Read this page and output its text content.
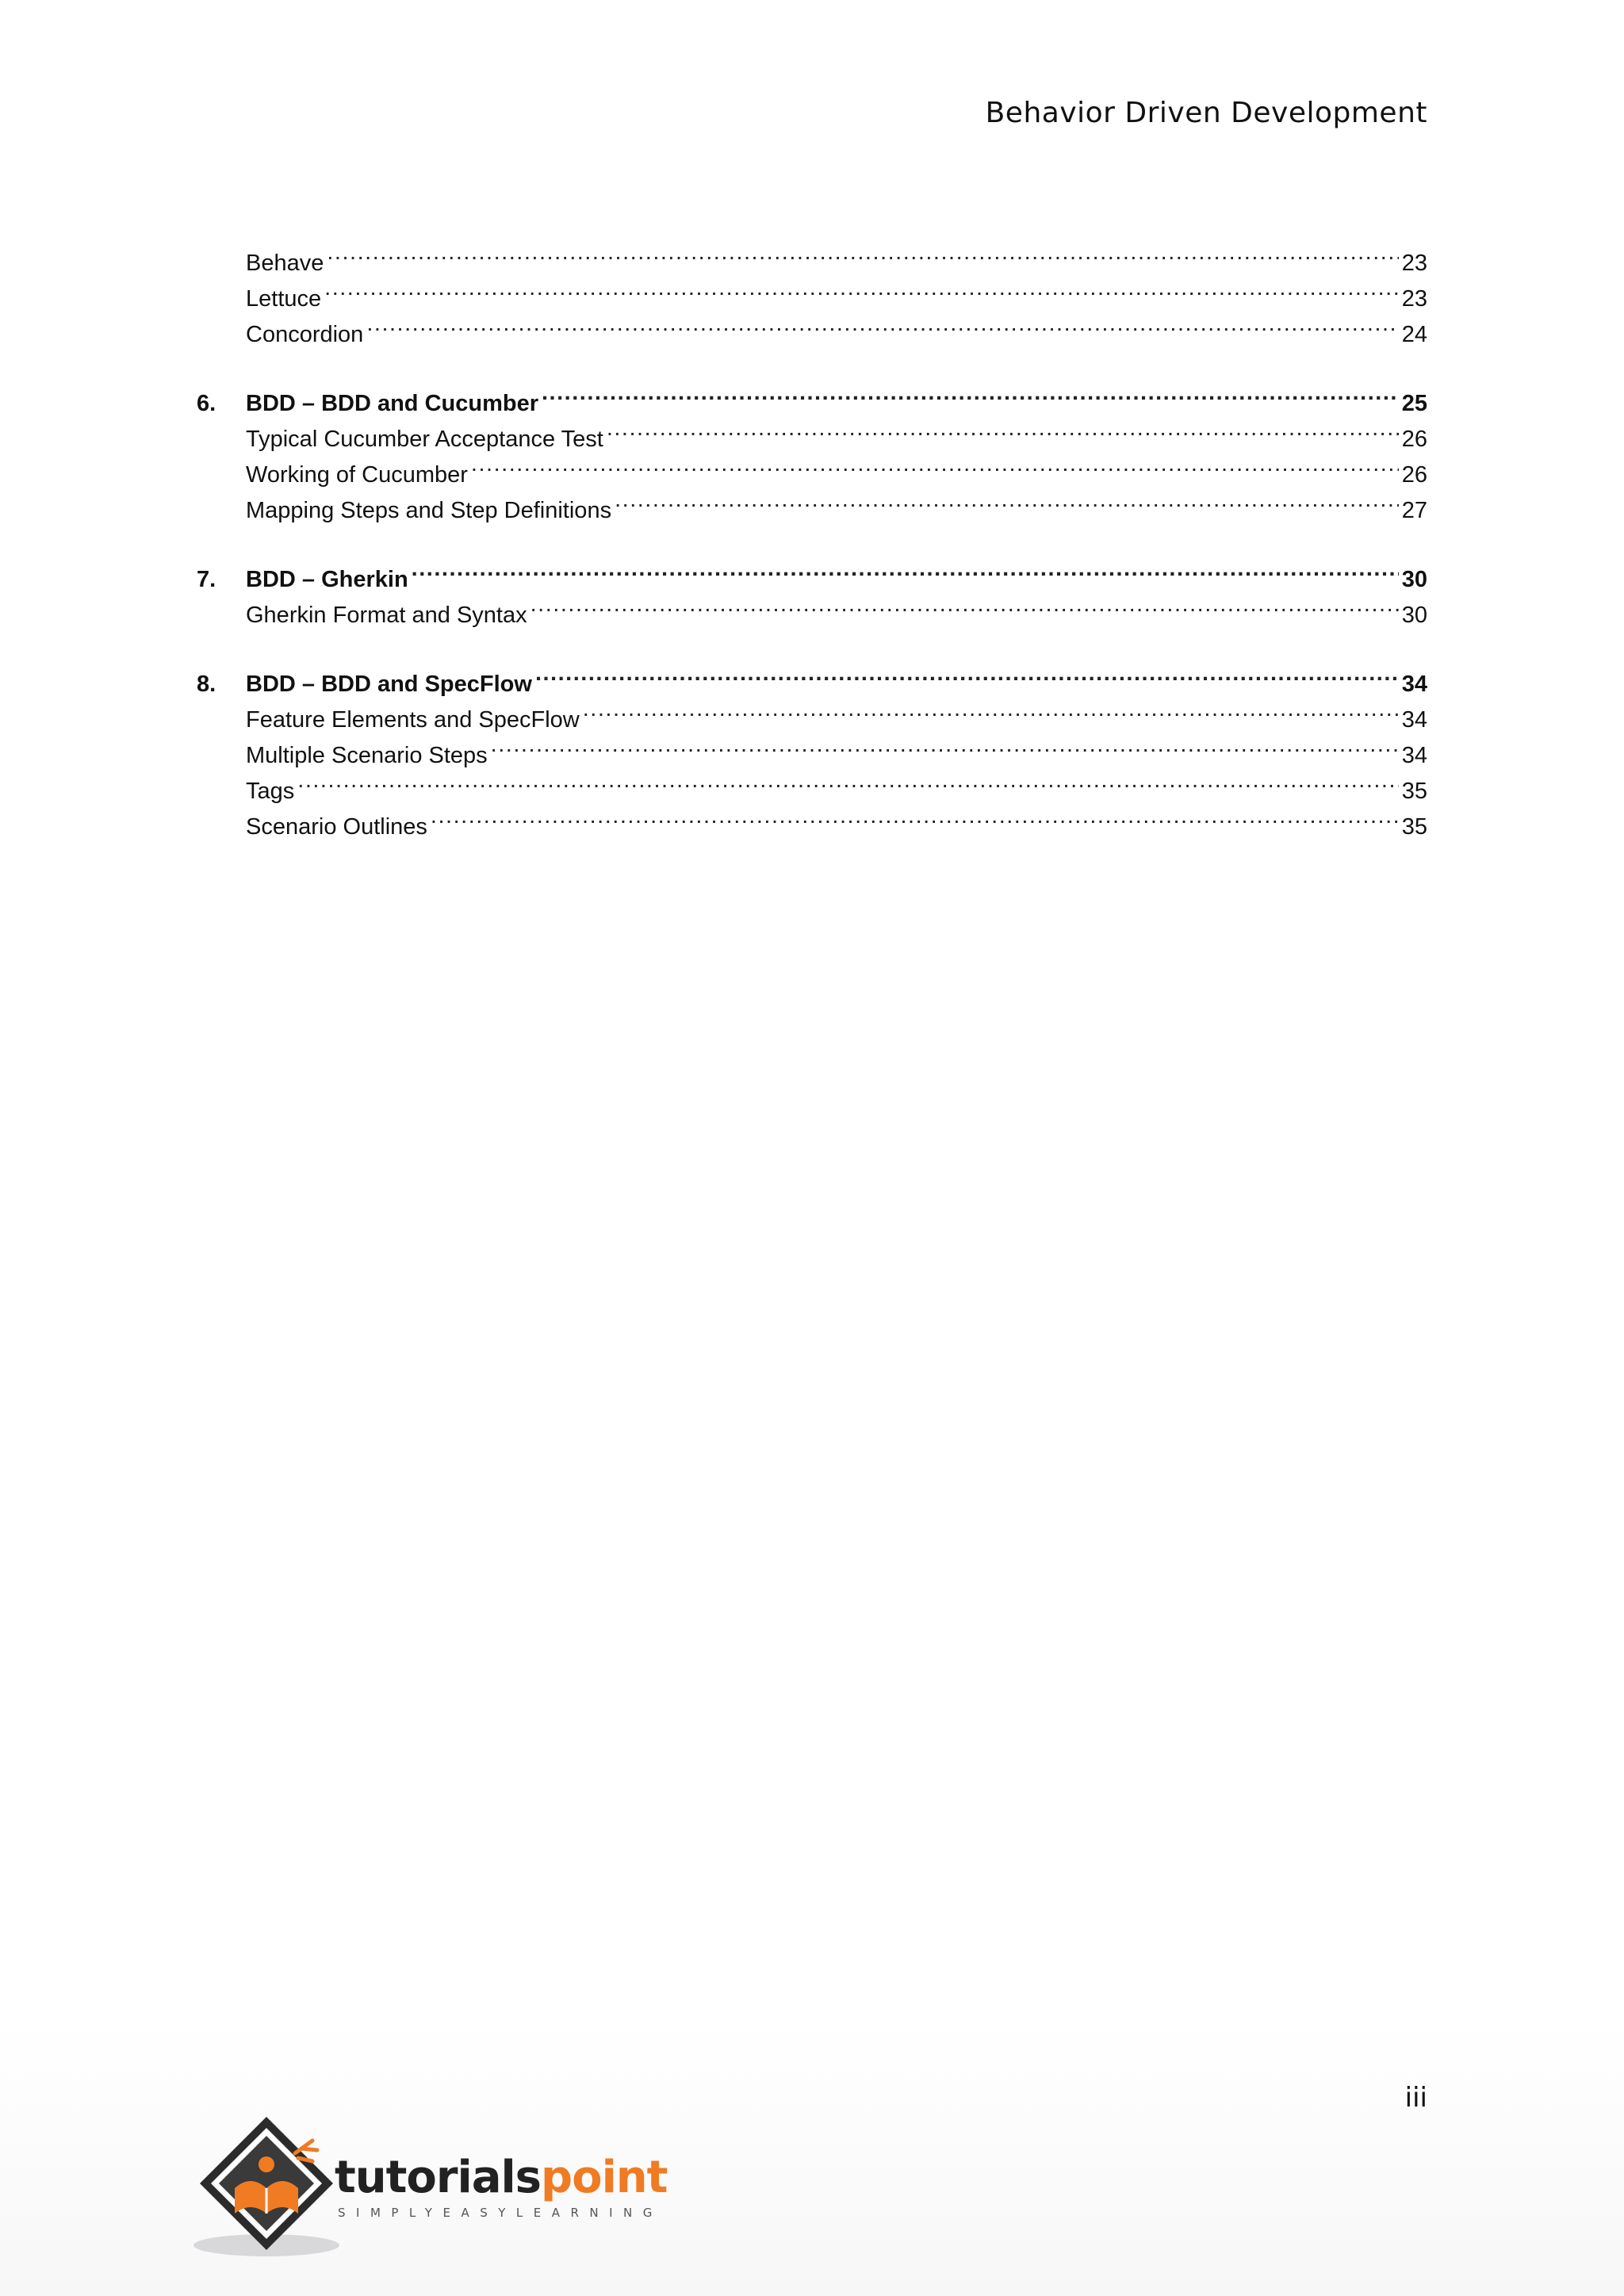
Behavior Driven Development
Behave .....	23
Lettuce .....	23
Concordion .....	24
6.	BDD – BDD and Cucumber .....	25
Typical Cucumber Acceptance Test .....	26
Working of Cucumber .....	26
Mapping Steps and Step Definitions .....	27
7.	BDD – Gherkin .....	30
Gherkin Format and Syntax .....	30
8.	BDD – BDD and SpecFlow .....	34
Feature Elements and SpecFlow .....	34
Multiple Scenario Steps .....	34
Tags .....	35
Scenario Outlines .....	35
iii
tutorialspoint
SIMPLYEASYLEARNING
